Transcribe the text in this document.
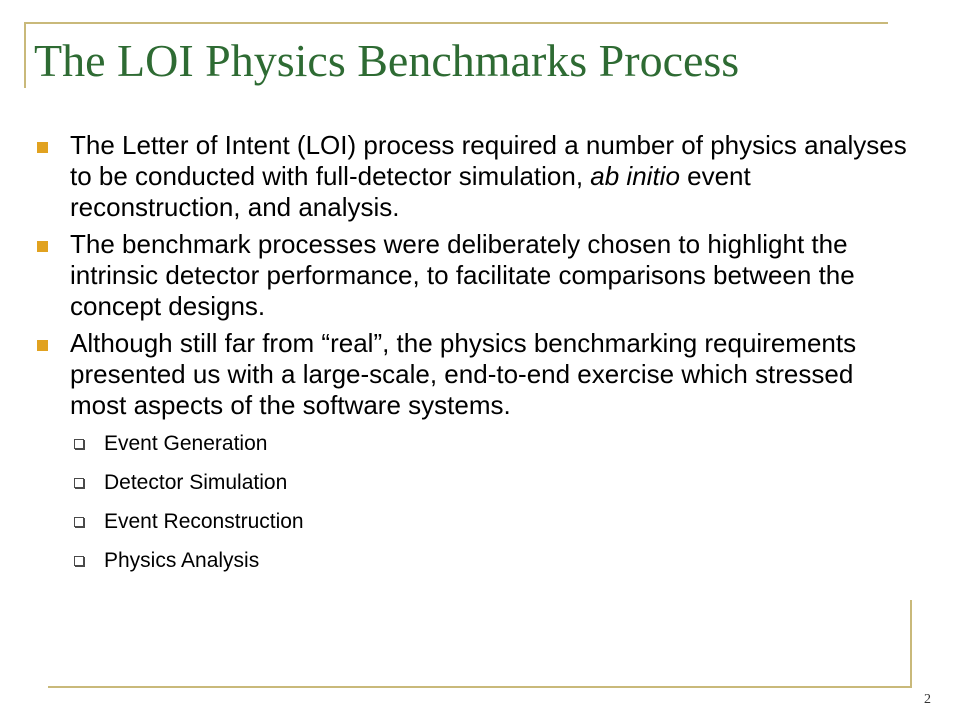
The LOI Physics Benchmarks Process
The Letter of Intent (LOI) process required a number of physics analyses to be conducted with full-detector simulation, ab initio event reconstruction, and analysis.
The benchmark processes were deliberately chosen to highlight the intrinsic detector performance, to facilitate comparisons between the concept designs.
Although still far from “real”, the physics benchmarking requirements presented us with a large-scale, end-to-end exercise which stressed most aspects of the software systems.
Event Generation
Detector Simulation
Event Reconstruction
Physics Analysis
2
